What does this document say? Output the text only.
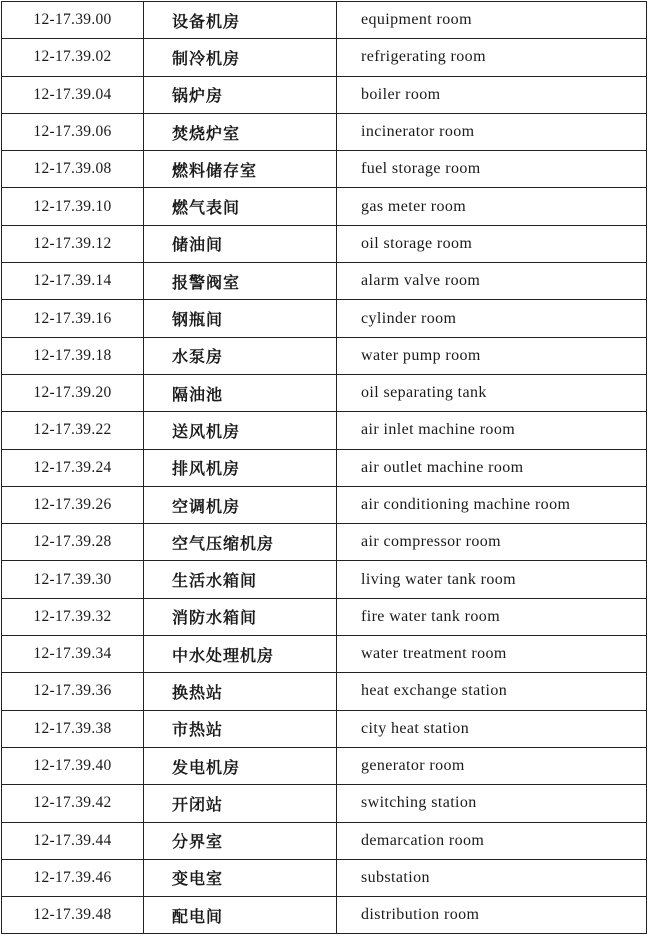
12-17.39.00	设备机房	equipment room
12-17.39.02	制冷机房	refrigerating room
12-17.39.04	锅炉房	boiler room
12-17.39.06	焚烧炉室	incinerator room
12-17.39.08	燃料储存室	fuel storage room
12-17.39.10	燃气表间	gas meter room
12-17.39.12	储油间	oil storage room
12-17.39.14	报警阀室	alarm valve room
12-17.39.16	钢瓶间	cylinder room
12-17.39.18	水泵房	water pump room
12-17.39.20	隔油池	oil separating tank
12-17.39.22	送风机房	air inlet machine room
12-17.39.24	排风机房	air outlet machine room
12-17.39.26	空调机房	air conditioning machine room
12-17.39.28	空气压缩机房	air compressor room
12-17.39.30	生活水箱间	living water tank room
12-17.39.32	消防水箱间	fire water tank room
12-17.39.34	中水处理机房	water treatment room
12-17.39.36	换热站	heat exchange station
12-17.39.38	市热站	city heat station
12-17.39.40	发电机房	generator room
12-17.39.42	开闭站	switching station
12-17.39.44	分界室	demarcation room
12-17.39.46	变电室	substation
12-17.39.48	配电间	distribution room
